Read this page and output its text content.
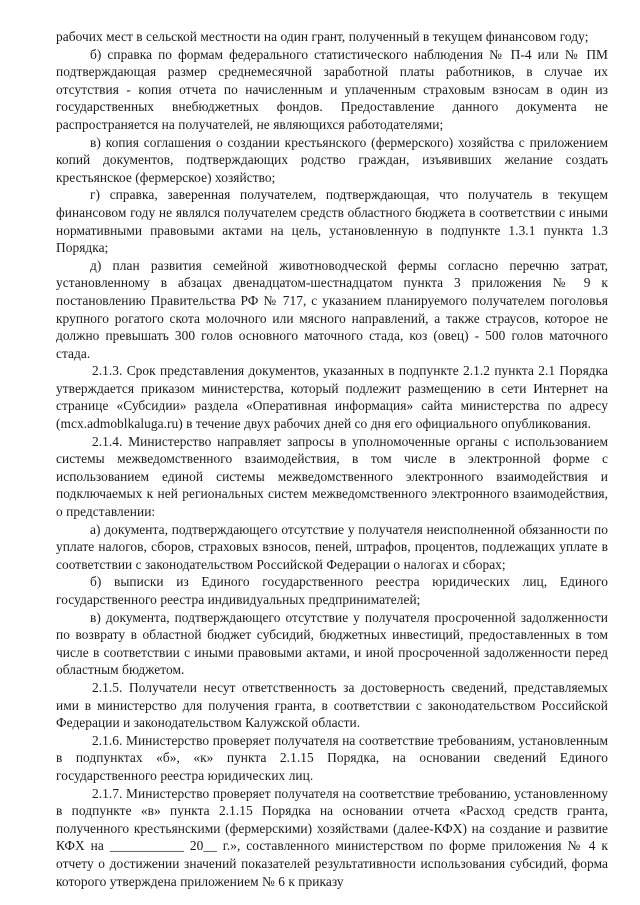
рабочих мест в сельской местности на один грант, полученный в текущем финансовом году;

б) справка по формам федерального статистического наблюдения № П-4 или № ПМ подтверждающая размер среднемесячной заработной платы работников, в случае их отсутствия - копия отчета по начисленным и уплаченным страховым взносам в один из государственных внебюджетных фондов. Предоставление данного документа не распространяется на получателей, не являющихся работодателями;

в) копия соглашения о создании крестьянского (фермерского) хозяйства с приложением копий документов, подтверждающих родство граждан, изъявивших желание создать крестьянское (фермерское) хозяйство;

г) справка, заверенная получателем, подтверждающая, что получатель в текущем финансовом году не являлся получателем средств областного бюджета в соответствии с иными нормативными правовыми актами на цель, установленную в подпункте 1.3.1 пункта 1.3 Порядка;

д) план развития семейной животноводческой фермы согласно перечню затрат, установленному в абзацах двенадцатом-шестнадцатом пункта 3 приложения № 9 к постановлению Правительства РФ № 717, с указанием планируемого получателем поголовья крупного рогатого скота молочного или мясного направлений, а также страусов, которое не должно превышать 300 голов основного маточного стада, коз (овец) - 500 голов маточного стада.

2.1.3. Срок представления документов, указанных в подпункте 2.1.2 пункта 2.1 Порядка утверждается приказом министерства, который подлежит размещению в сети Интернет на странице «Субсидии» раздела «Оперативная информация» сайта министерства по адресу (mcx.admoblkaluga.ru) в течение двух рабочих дней со дня его официального опубликования.

2.1.4. Министерство направляет запросы в уполномоченные органы с использованием системы межведомственного взаимодействия, в том числе в электронной форме с использованием единой системы межведомственного электронного взаимодействия и подключаемых к ней региональных систем межведомственного электронного взаимодействия, о представлении:

а) документа, подтверждающего отсутствие у получателя неисполненной обязанности по уплате налогов, сборов, страховых взносов, пеней, штрафов, процентов, подлежащих уплате в соответствии с законодательством Российской Федерации о налогах и сборах;

б) выписки из Единого государственного реестра юридических лиц, Единого государственного реестра индивидуальных предпринимателей;

в) документа, подтверждающего отсутствие у получателя просроченной задолженности по возврату в областной бюджет субсидий, бюджетных инвестиций, предоставленных в том числе в соответствии с иными правовыми актами, и иной просроченной задолженности перед областным бюджетом.

2.1.5. Получатели несут ответственность за достоверность сведений, представляемых ими в министерство для получения гранта, в соответствии с законодательством Российской Федерации и законодательством Калужской области.

2.1.6. Министерство проверяет получателя на соответствие требованиям, установленным в подпунктах «б», «к» пункта 2.1.15 Порядка, на основании сведений Единого государственного реестра юридических лиц.

2.1.7. Министерство проверяет получателя на соответствие требованию, установленному в подпункте «в» пункта 2.1.15 Порядка на основании отчета «Расход средств гранта, полученного крестьянскими (фермерскими) хозяйствами (далее-КФХ) на создание и развитие КФХ на ___________ 20__ г.», составленного министерством по форме приложения № 4 к отчету о достижении значений показателей результативности использования субсидий, форма которого утверждена приложением № 6 к приказу
